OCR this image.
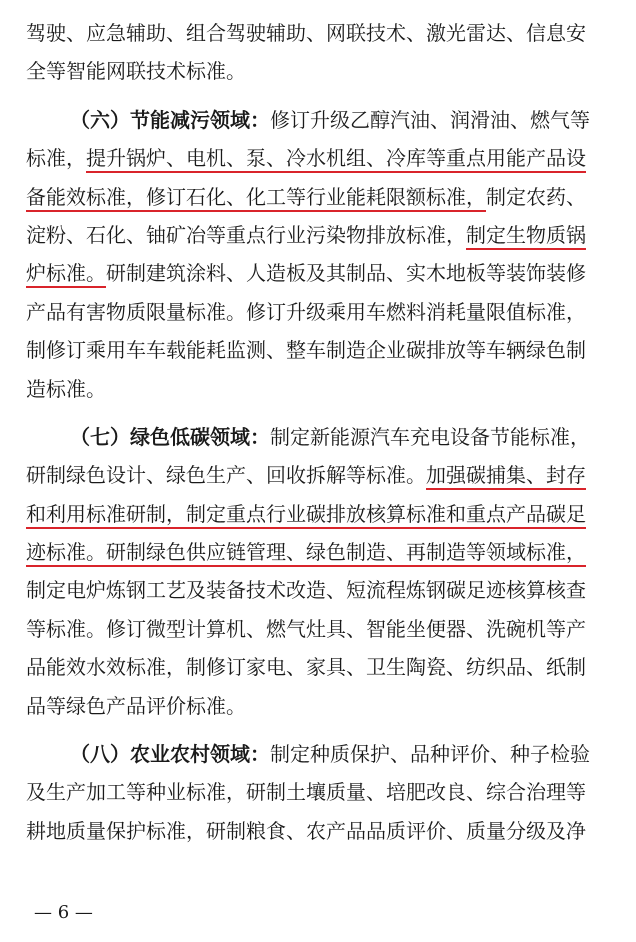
驾驶、应急辅助、组合驾驶辅助、网联技术、激光雷达、信息安
全等智能网联技术标准。
（六）节能减污领域：修订升级乙醇汽油、润滑油、燃气等
标准，提升锅炉、电机、泵、冷水机组、冷库等重点用能产品设
备能效标准，修订石化、化工等行业能耗限额标准，制定农药、
淀粉、石化、铀矿冶等重点行业污染物排放标准，制定生物质锅
炉标准。研制建筑涂料、人造板及其制品、实木地板等装饰装修
产品有害物质限量标准。修订升级乘用车燃料消耗量限值标准，
制修订乘用车车载能耗监测、整车制造企业碳排放等车辆绿色制
造标准。
（七）绿色低碳领域：制定新能源汽车充电设备节能标准，
研制绿色设计、绿色生产、回收拆解等标准。加强碳捕集、封存
和利用标准研制，制定重点行业碳排放核算标准和重点产品碳足
迹标准。研制绿色供应链管理、绿色制造、再制造等领域标准，
制定电炉炼钢工艺及装备技术改造、短流程炼钢碳足迹核算核查
等标准。修订微型计算机、燃气灶具、智能坐便器、洗碗机等产
品能效水效标准，制修订家电、家具、卫生陶瓷、纺织品、纸制
品等绿色产品评价标准。
（八）农业农村领域：制定种质保护、品种评价、种子检验
及生产加工等种业标准，研制土壤质量、培肥改良、综合治理等
耕地质量保护标准，研制粮食、农产品品质评价、质量分级及净
— 6 —
